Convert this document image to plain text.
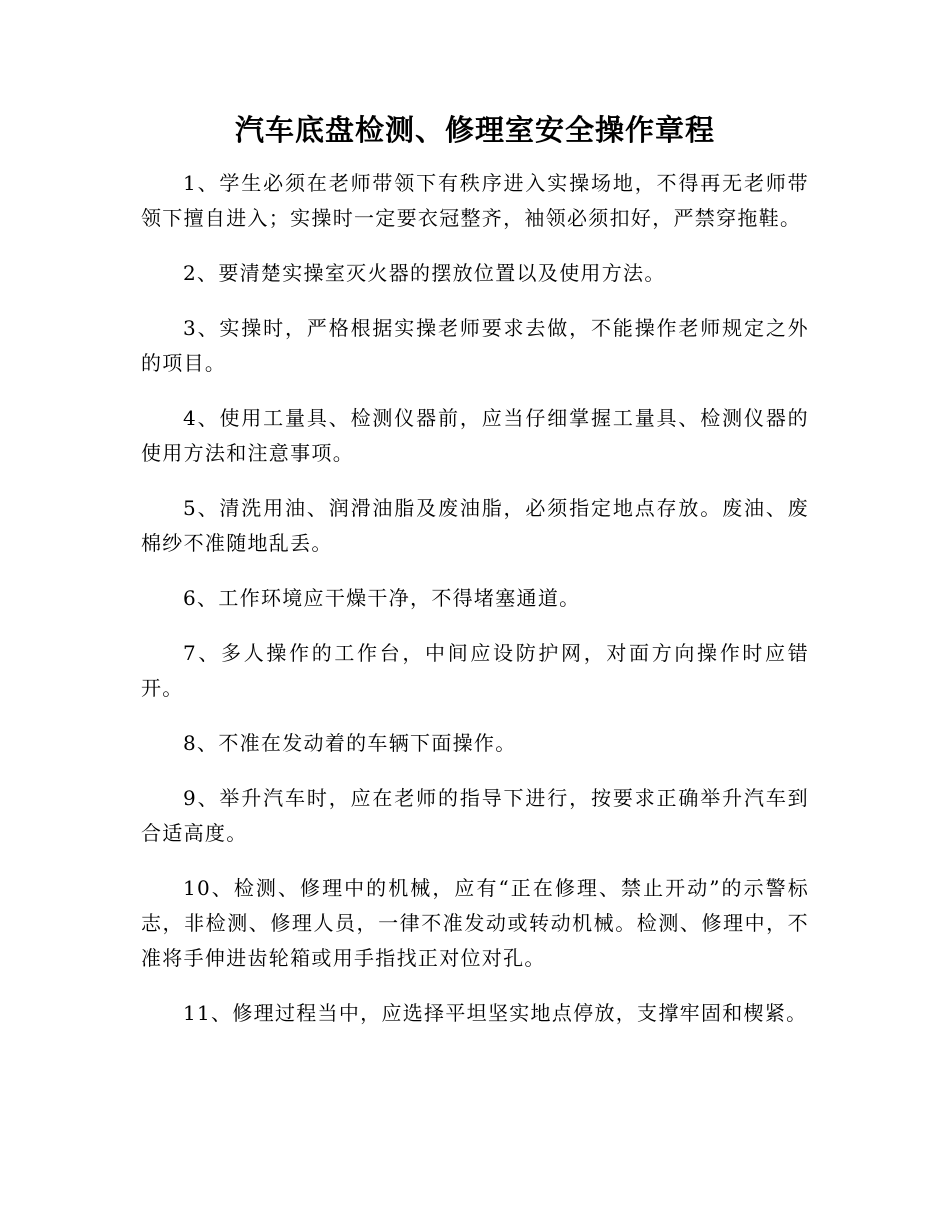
汽车底盘检测、修理室安全操作章程

1、学生必须在老师带领下有秩序进入实操场地，不得再无老师带领下擅自进入；实操时一定要衣冠整齐，袖领必须扣好，严禁穿拖鞋。

2、要清楚实操室灭火器的摆放位置以及使用方法。

3、实操时，严格根据实操老师要求去做，不能操作老师规定之外的项目。

4、使用工量具、检测仪器前，应当仔细掌握工量具、检测仪器的使用方法和注意事项。

5、清洗用油、润滑油脂及废油脂，必须指定地点存放。废油、废棉纱不准随地乱丢。

6、工作环境应干燥干净，不得堵塞通道。

7、多人操作的工作台，中间应设防护网，对面方向操作时应错开。

8、不准在发动着的车辆下面操作。

9、举升汽车时，应在老师的指导下进行，按要求正确举升汽车到合适高度。

10、检测、修理中的机械，应有“正在修理、禁止开动”的示警标志，非检测、修理人员，一律不准发动或转动机械。检测、修理中，不准将手伸进齿轮箱或用手指找正对位对孔。

11、修理过程当中，应选择平坦坚实地点停放，支撑牢固和楔紧。
